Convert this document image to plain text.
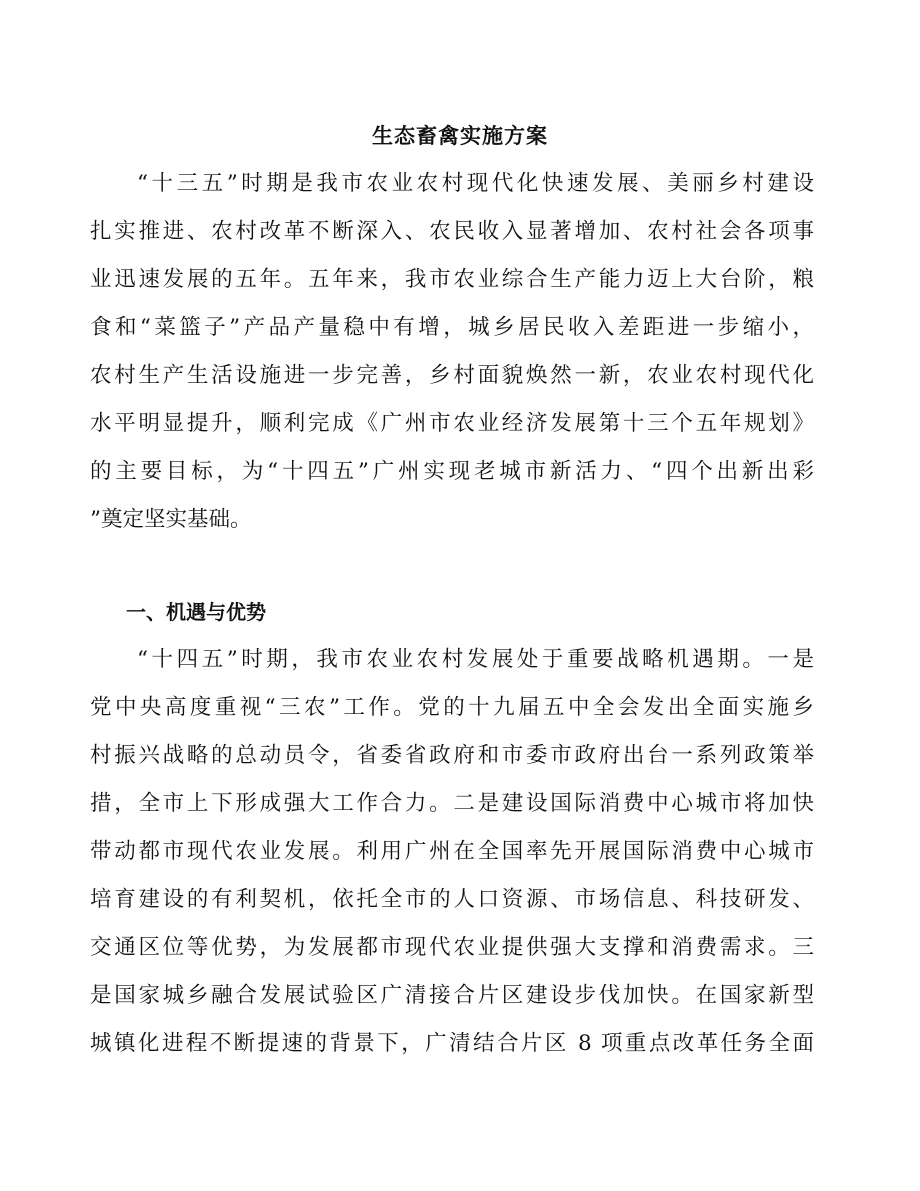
生态畜禽实施方案

“十三五”时期是我市农业农村现代化快速发展、美丽乡村建设

扎实推进、农村改革不断深入、农民收入显著增加、农村社会各项事

业迅速发展的五年。五年来，我市农业综合生产能力迈上大台阶，粮

食和“菜篮子”产品产量稳中有增，城乡居民收入差距进一步缩小，

农村生产生活设施进一步完善，乡村面貌焕然一新，农业农村现代化

水平明显提升，顺利完成《广州市农业经济发展第十三个五年规划》

的主要目标，为“十四五”广州实现老城市新活力、“四个出新出彩

”奠定坚实基础。

一、机遇与优势

“十四五”时期，我市农业农村发展处于重要战略机遇期。一是

党中央高度重视“三农”工作。党的十九届五中全会发出全面实施乡

村振兴战略的总动员令，省委省政府和市委市政府出台一系列政策举

措，全市上下形成强大工作合力。二是建设国际消费中心城市将加快

带动都市现代农业发展。利用广州在全国率先开展国际消费中心城市

培育建设的有利契机，依托全市的人口资源、市场信息、科技研发、

交通区位等优势，为发展都市现代农业提供强大支撑和消费需求。三

是国家城乡融合发展试验区广清接合片区建设步伐加快。在国家新型

城镇化进程不断提速的背景下，广清结合片区 8 项重点改革任务全面
